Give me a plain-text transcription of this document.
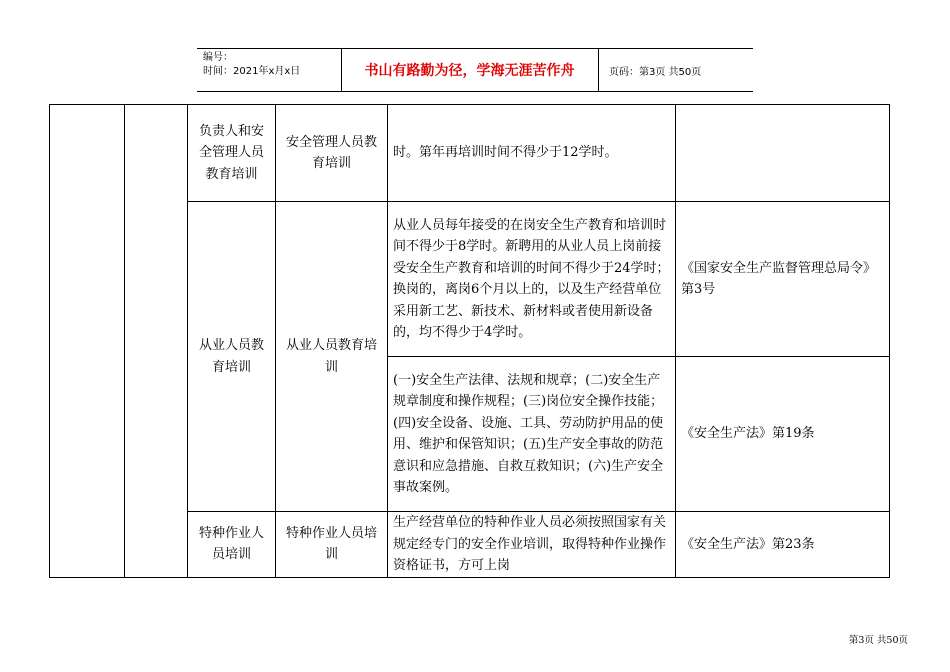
编号：
时间：2021年x月x日	书山有路勤为径，学海无涯苦作舟	页码：第3页 共50页
		负责人和安全管理人员教育培训	安全管理人员教育培训	时。第年再培训时间不得少于12学时。	
		从业人员教育培训	从业人员教育培训	从业人员每年接受的在岗安全生产教育和培训时间不得少于8学时。新聘用的从业人员上岗前接受安全生产教育和培训的时间不得少于24学时；换岗的，离岗6个月以上的，以及生产经营单位采用新工艺、新技术、新材料或者使用新设备的，均不得少于4学时。	《国家安全生产监督管理总局令》第3号
				(一)安全生产法律、法规和规章；(二)安全生产规章制度和操作规程；(三)岗位安全操作技能；(四)安全设备、设施、工具、劳动防护用品的使用、维护和保管知识；(五)生产安全事故的防范意识和应急措施、自救互救知识；(六)生产安全事故案例。	《安全生产法》第19条
		特种作业人员培训	特种作业人员培训	生产经营单位的特种作业人员必须按照国家有关规定经专门的安全作业培训，取得特种作业操作资格证书，方可上岗	《安全生产法》第23条
第3页 共50页
